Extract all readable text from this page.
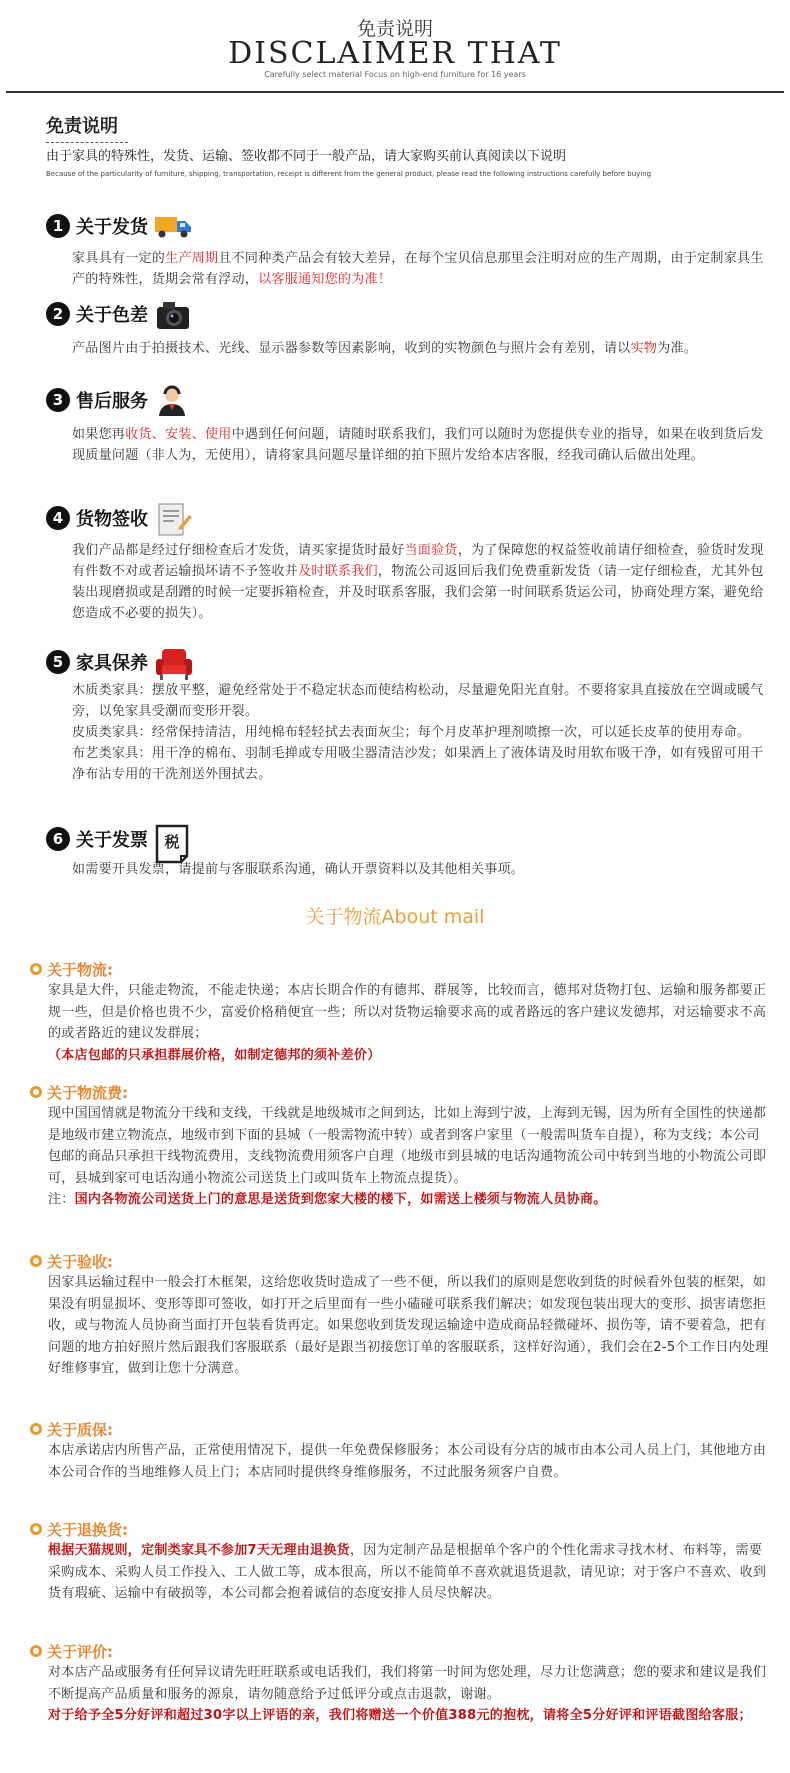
免责说明
DISCLAIMER THAT
Carefully select material Focus on high-end furniture for 16 years
免责说明
由于家具的特殊性，发货、运输、签收都不同于一般产品，请大家购买前认真阅读以下说明
Because of the particularity of furniture, shipping, transportation, receipt is different from the general product, please read the following instructions carefully before buying
1 关于发货
家具具有一定的生产周期且不同种类产品会有较大差异，在每个宝贝信息那里会注明对应的生产周期，由于定制家具生产的特殊性，货期会常有浮动，以客服通知您的为准！
2 关于色差
产品图片由于拍摄技术、光线、显示器参数等因素影响，收到的实物颜色与照片会有差别，请以实物为准。
3 售后服务
如果您再收货、安装、使用中遇到任何问题，请随时联系我们，我们可以随时为您提供专业的指导，如果在收到货后发现质量问题（非人为，无使用），请将家具问题尽量详细的拍下照片发给本店客服，经我司确认后做出处理。
4 货物签收
我们产品都是经过仔细检查后才发货，请买家提货时最好当面验货，为了保障您的权益签收前请仔细检查，验货时发现有件数不对或者运输损坏请不予签收并及时联系我们，物流公司返回后我们免费重新发货（请一定仔细检查，尤其外包装出现磨损或是刮蹭的时候一定要拆箱检查，并及时联系客服，我们会第一时间联系货运公司，协商处理方案，避免给您造成不必要的损失）。
5 家具保养
木质类家具：摆放平整，避免经常处于不稳定状态而使结构松动，尽量避免阳光直射。不要将家具直接放在空调或暖气旁，以免家具受潮而变形开裂。
皮质类家具：经常保持清洁，用纯棉布轻轻拭去表面灰尘；每个月皮革护理剂喷擦一次，可以延长皮革的使用寿命。
布艺类家具：用干净的棉布、羽制毛掸或专用吸尘器清洁沙发；如果洒上了液体请及时用软布吸干净，如有残留可用干净布沾专用的干洗剂送外围拭去。
6 关于发票 税
如需要开具发票，请提前与客服联系沟通，确认开票资料以及其他相关事项。
关于物流About mail
关于物流:
家具是大件，只能走物流，不能走快递；本店长期合作的有德邦、群展等，比较而言，德邦对货物打包、运输和服务都要正规一些，但是价格也贵不少，富爱价格稍便宜一些；所以对货物运输要求高的或者路远的客户建议发德邦，对运输要求不高的或者路近的建议发群展；
（本店包邮的只承担群展价格，如制定德邦的须补差价）
关于物流费:
现中国国情就是物流分干线和支线，干线就是地级城市之间到达，比如上海到宁波，上海到无锡，因为所有全国性的快递都是地级市建立物流点，地级市到下面的县城（一般需物流中转）或者到客户家里（一般需叫货车自提），称为支线；本公司包邮的商品只承担干线物流费用，支线物流费用须客户自理（地级市到县城的电话沟通物流公司中转到当地的小物流公司即可，县城到家可电话沟通小物流公司送货上门或叫货车上物流点提货）。
注：国内各物流公司送货上门的意思是送货到您家大楼的楼下，如需送上楼须与物流人员协商。
关于验收:
因家具运输过程中一般会打木框架，这给您收货时造成了一些不便，所以我们的原则是您收到货的时候看外包装的框架，如果没有明显损坏、变形等即可签收，如打开之后里面有一些小磕碰可联系我们解决；如发现包装出现大的变形、损害请您拒收，或与物流人员协商当面打开包装看货再定。如果您收到货发现运输途中造成商品轻微碰坏、损伤等，请不要着急，把有问题的地方拍好照片然后跟我们客服联系（最好是跟当初接您订单的客服联系，这样好沟通），我们会在2-5个工作日内处理好维修事宜，做到让您十分满意。
关于质保:
本店承诺店内所售产品，正常使用情况下，提供一年免费保修服务；本公司设有分店的城市由本公司人员上门，其他地方由本公司合作的当地维修人员上门；本店同时提供终身维修服务，不过此服务须客户自费。
关于退换货:
根据天猫规则，定制类家具不参加7天无理由退换货，因为定制产品是根据单个客户的个性化需求寻找木材、布料等，需要采购成本、采购人员工作投入、工人做工等，成本很高，所以不能简单不喜欢就退货退款，请见谅；对于客户不喜欢、收到货有瑕疵、运输中有破损等，本公司都会抱着诚信的态度安排人员尽快解决。
关于评价:
对本店产品或服务有任何异议请先旺旺联系或电话我们，我们将第一时间为您处理，尽力让您满意；您的要求和建议是我们不断提高产品质量和服务的源泉，请勿随意给予过低评分或点击退款，谢谢。
对于给予全5分好评和超过30字以上评语的亲，我们将赠送一个价值388元的抱枕，请将全5分好评和评语截图给客服；
